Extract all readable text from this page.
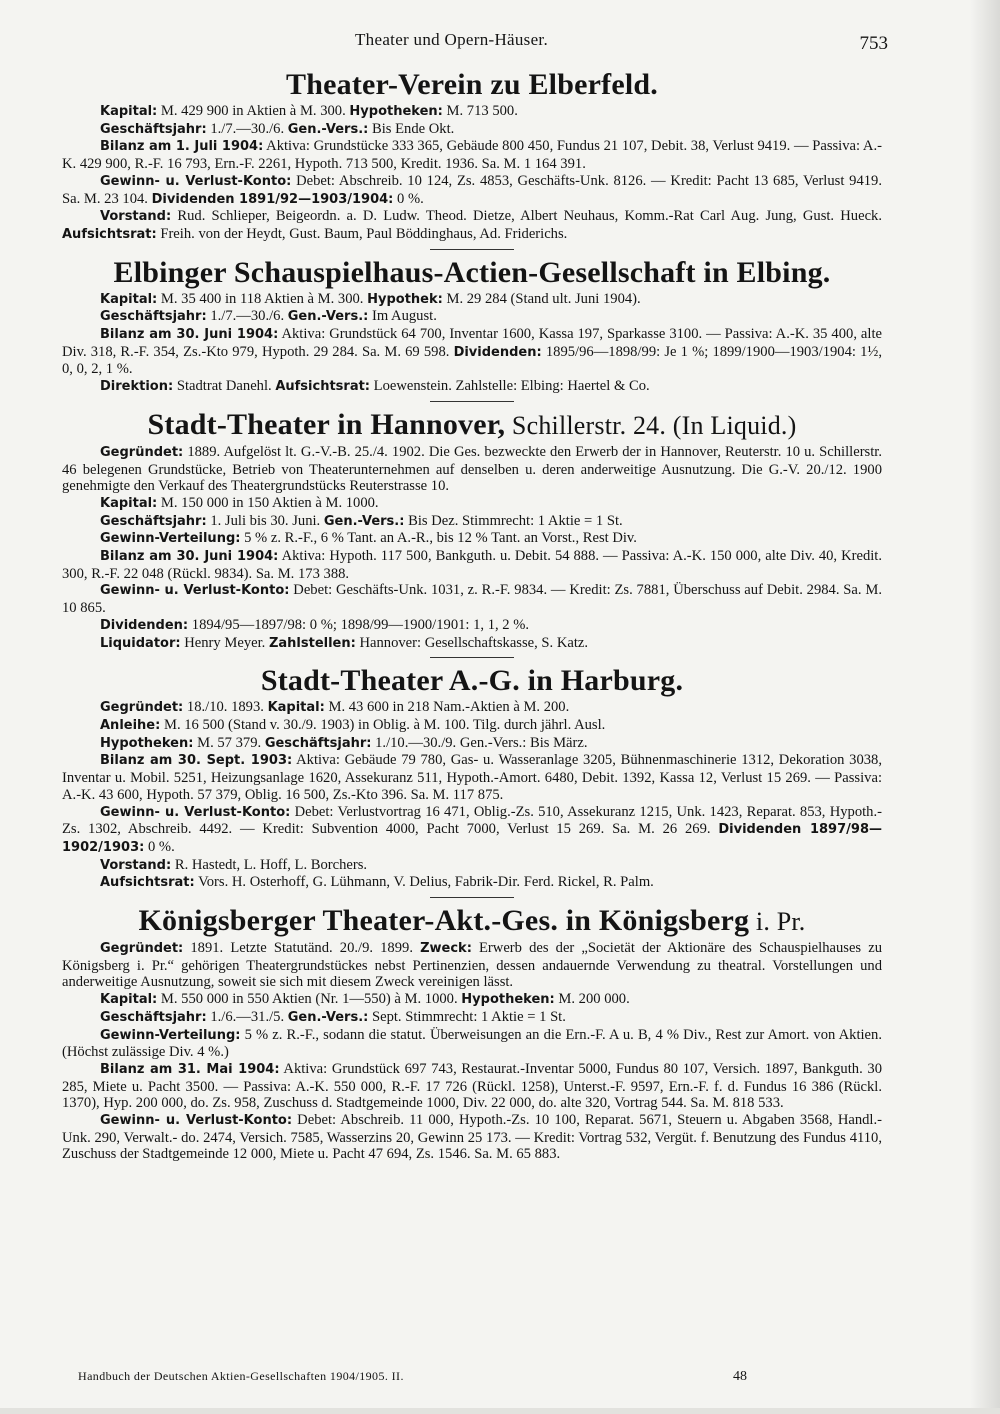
Theater und Opern-Häuser.	753
Theater-Verein zu Elberfeld.

Kapital: M. 429 900 in Aktien à M. 300. Hypotheken: M. 713 500.

Geschäftsjahr: 1./7.—30./6. Gen.-Vers.: Bis Ende Okt.

Bilanz am 1. Juli 1904: Aktiva: Grundstücke 333 365, Gebäude 800 450, Fundus 21 107, Debit. 38, Verlust 9419. — Passiva: A.-K. 429 900, R.-F. 16 793, Ern.-F. 2261, Hypoth. 713 500, Kredit. 1936. Sa. M. 1 164 391.

Gewinn- u. Verlust-Konto: Debet: Abschreib. 10 124, Zs. 4853, Geschäfts-Unk. 8126. — Kredit: Pacht 13 685, Verlust 9419. Sa. M. 23 104. Dividenden 1891/92—1903/1904: 0 %.

Vorstand: Rud. Schlieper, Beigeordn. a. D. Ludw. Theod. Dietze, Albert Neuhaus, Komm.-Rat Carl Aug. Jung, Gust. Hueck. Aufsichtsrat: Freih. von der Heydt, Gust. Baum, Paul Böddinghaus, Ad. Friderichs.

Elbinger Schauspielhaus-Actien-Gesellschaft in Elbing.

Kapital: M. 35 400 in 118 Aktien à M. 300. Hypothek: M. 29 284 (Stand ult. Juni 1904).

Geschäftsjahr: 1./7.—30./6. Gen.-Vers.: Im August.

Bilanz am 30. Juni 1904: Aktiva: Grundstück 64 700, Inventar 1600, Kassa 197, Sparkasse 3100. — Passiva: A.-K. 35 400, alte Div. 318, R.-F. 354, Zs.-Kto 979, Hypoth. 29 284. Sa. M. 69 598. Dividenden: 1895/96—1898/99: Je 1 %; 1899/1900—1903/1904: 1½, 0, 0, 2, 1 %.

Direktion: Stadtrat Danehl. Aufsichtsrat: Loewenstein. Zahlstelle: Elbing: Haertel & Co.

Stadt-Theater in Hannover, Schillerstr. 24. (In Liquid.)

Gegründet: 1889. Aufgelöst lt. G.-V.-B. 25./4. 1902. Die Ges. bezweckte den Erwerb der in Hannover, Reuterstr. 10 u. Schillerstr. 46 belegenen Grundstücke, Betrieb von Theaterunternehmen auf denselben u. deren anderweitige Ausnutzung. Die G.-V. 20./12. 1900 genehmigte den Verkauf des Theatergrundstücks Reuterstrasse 10.

Kapital: M. 150 000 in 150 Aktien à M. 1000.

Geschäftsjahr: 1. Juli bis 30. Juni. Gen.-Vers.: Bis Dez. Stimmrecht: 1 Aktie = 1 St.

Gewinn-Verteilung: 5 % z. R.-F., 6 % Tant. an A.-R., bis 12 % Tant. an Vorst., Rest Div.

Bilanz am 30. Juni 1904: Aktiva: Hypoth. 117 500, Bankguth. u. Debit. 54 888. — Passiva: A.-K. 150 000, alte Div. 40, Kredit. 300, R.-F. 22 048 (Rückl. 9834). Sa. M. 173 388.

Gewinn- u. Verlust-Konto: Debet: Geschäfts-Unk. 1031, z. R.-F. 9834. — Kredit: Zs. 7881, Überschuss auf Debit. 2984. Sa. M. 10 865.

Dividenden: 1894/95—1897/98: 0 %; 1898/99—1900/1901: 1, 1, 2 %.

Liquidator: Henry Meyer. Zahlstellen: Hannover: Gesellschaftskasse, S. Katz.

Stadt-Theater A.-G. in Harburg.

Gegründet: 18./10. 1893. Kapital: M. 43 600 in 218 Nam.-Aktien à M. 200.

Anleihe: M. 16 500 (Stand v. 30./9. 1903) in Oblig. à M. 100. Tilg. durch jährl. Ausl.

Hypotheken: M. 57 379. Geschäftsjahr: 1./10.—30./9. Gen.-Vers.: Bis März.

Bilanz am 30. Sept. 1903: Aktiva: Gebäude 79 780, Gas- u. Wasseranlage 3205, Bühnenmaschinerie 1312, Dekoration 3038, Inventar u. Mobil. 5251, Heizungsanlage 1620, Assekuranz 511, Hypoth.-Amort. 6480, Debit. 1392, Kassa 12, Verlust 15 269. — Passiva: A.-K. 43 600, Hypoth. 57 379, Oblig. 16 500, Zs.-Kto 396. Sa. M. 117 875.

Gewinn- u. Verlust-Konto: Debet: Verlustvortrag 16 471, Oblig.-Zs. 510, Assekuranz 1215, Unk. 1423, Reparat. 853, Hypoth.-Zs. 1302, Abschreib. 4492. — Kredit: Subvention 4000, Pacht 7000, Verlust 15 269. Sa. M. 26 269. Dividenden 1897/98—1902/1903: 0 %.

Vorstand: R. Hastedt, L. Hoff, L. Borchers.

Aufsichtsrat: Vors. H. Osterhoff, G. Lühmann, V. Delius, Fabrik-Dir. Ferd. Rickel, R. Palm.

Königsberger Theater-Akt.-Ges. in Königsberg i. Pr.

Gegründet: 1891. Letzte Statutänd. 20./9. 1899. Zweck: Erwerb des der „Societät der Aktionäre des Schauspielhauses zu Königsberg i. Pr.“ gehörigen Theatergrundstückes nebst Pertinenzien, dessen andauernde Verwendung zu theatral. Vorstellungen und anderweitige Ausnutzung, soweit sie sich mit diesem Zweck vereinigen lässt.

Kapital: M. 550 000 in 550 Aktien (Nr. 1—550) à M. 1000. Hypotheken: M. 200 000.

Geschäftsjahr: 1./6.—31./5. Gen.-Vers.: Sept. Stimmrecht: 1 Aktie = 1 St.

Gewinn-Verteilung: 5 % z. R.-F., sodann die statut. Überweisungen an die Ern.-F. A u. B, 4 % Div., Rest zur Amort. von Aktien. (Höchst zulässige Div. 4 %.)

Bilanz am 31. Mai 1904: Aktiva: Grundstück 697 743, Restaurat.-Inventar 5000, Fundus 80 107, Versich. 1897, Bankguth. 30 285, Miete u. Pacht 3500. — Passiva: A.-K. 550 000, R.-F. 17 726 (Rückl. 1258), Unterst.-F. 9597, Ern.-F. f. d. Fundus 16 386 (Rückl. 1370), Hyp. 200 000, do. Zs. 958, Zuschuss d. Stadtgemeinde 1000, Div. 22 000, do. alte 320, Vortrag 544. Sa. M. 818 533.

Gewinn- u. Verlust-Konto: Debet: Abschreib. 11 000, Hypoth.-Zs. 10 100, Reparat. 5671, Steuern u. Abgaben 3568, Handl.-Unk. 290, Verwalt.- do. 2474, Versich. 7585, Wasserzins 20, Gewinn 25 173. — Kredit: Vortrag 532, Vergüt. f. Benutzung des Fundus 4110, Zuschuss der Stadtgemeinde 12 000, Miete u. Pacht 47 694, Zs. 1546. Sa. M. 65 883.

Handbuch der Deutschen Aktien-Gesellschaften 1904/1905. II.	48
